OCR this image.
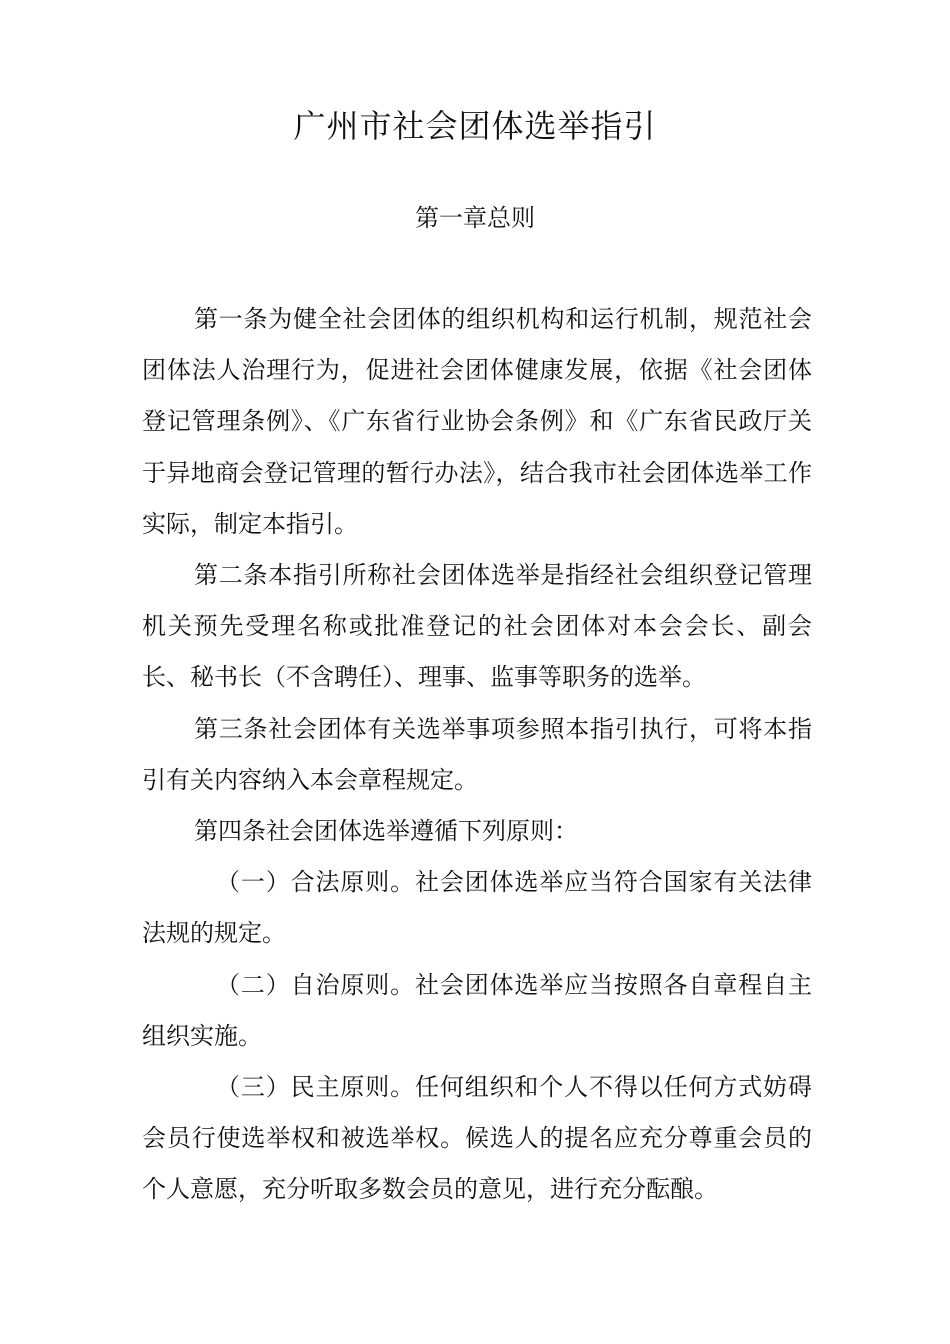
广州市社会团体选举指引
第一章总则

第一条为健全社会团体的组织机构和运行机制，规范社会团体法人治理行为，促进社会团体健康发展，依据《社会团体登记管理条例》、《广东省行业协会条例》和《广东省民政厅关于异地商会登记管理的暂行办法》，结合我市社会团体选举工作实际，制定本指引。

第二条本指引所称社会团体选举是指经社会组织登记管理机关预先受理名称或批准登记的社会团体对本会会长、副会长、秘书长（不含聘任）、理事、监事等职务的选举。

第三条社会团体有关选举事项参照本指引执行，可将本指引有关内容纳入本会章程规定。

第四条社会团体选举遵循下列原则：

（一）合法原则。社会团体选举应当符合国家有关法律法规的规定。

（二）自治原则。社会团体选举应当按照各自章程自主组织实施。

（三）民主原则。任何组织和个人不得以任何方式妨碍会员行使选举权和被选举权。候选人的提名应充分尊重会员的个人意愿，充分听取多数会员的意见，进行充分酝酿。
